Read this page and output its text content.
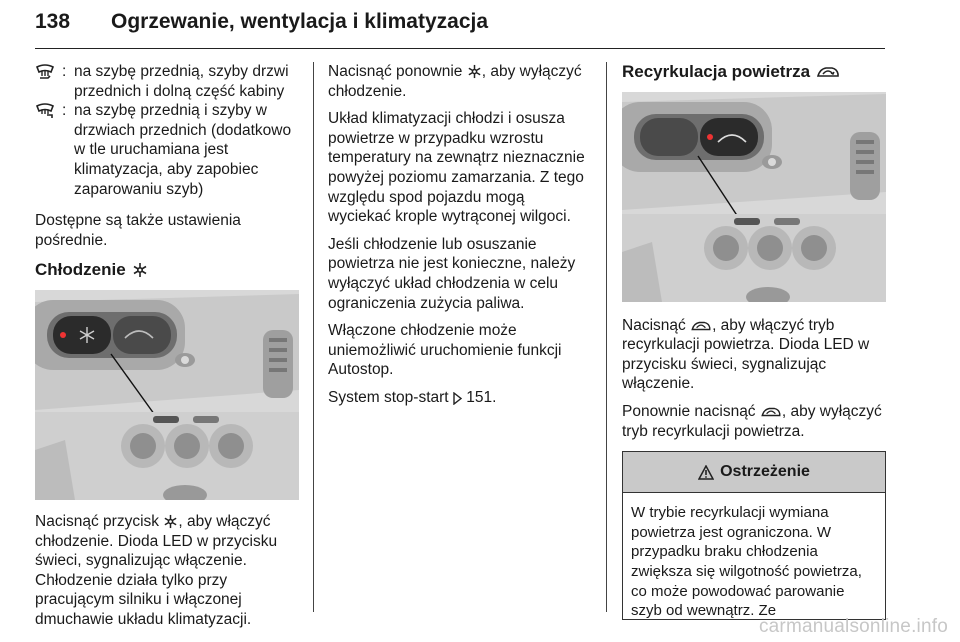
138 Ogrzewanie, wentylacja i klimatyzacja
: na szybę przednią, szyby drzwi przednich i dolną część kabiny
: na szybę przednią i szyby w drzwiach przednich (dodatkowo w tle uruchamiana jest klimatyzacja, aby zapobiec zaparowaniu szyb)

Dostępne są także ustawienia pośrednie.

Chłodzenie

Nacisnąć przycisk , aby włączyć chłodzenie. Dioda LED w przycisku świeci, sygnalizując włączenie. Chłodzenie działa tylko przy pracującym silniku i włączonej dmuchawie układu klimatyzacji.

Nacisnąć ponownie , aby wyłączyć chłodzenie.

Układ klimatyzacji chłodzi i osusza powietrze w przypadku wzrostu temperatury na zewnątrz nieznacznie powyżej poziomu zamarzania. Z tego względu spod pojazdu mogą wyciekać krople wytrąconej wilgoci.

Jeśli chłodzenie lub osuszanie powietrza nie jest konieczne, należy wyłączyć układ chłodzenia w celu ograniczenia zużycia paliwa.

Włączone chłodzenie może uniemożliwić uruchomienie funkcji Autostop.

System stop-start  151.

Recyrkulacja powietrza

Nacisnąć , aby włączyć tryb recyrkulacji powietrza. Dioda LED w przycisku świeci, sygnalizując włączenie.

Ponownie nacisnąć , aby wyłączyć tryb recyrkulacji powietrza.

Ostrzeżenie
W trybie recyrkulacji wymiana powietrza jest ograniczona. W przypadku braku chłodzenia zwiększa się wilgotność powietrza, co może powodować parowanie szyb od wewnątrz. Ze
carmanualsonline.info
